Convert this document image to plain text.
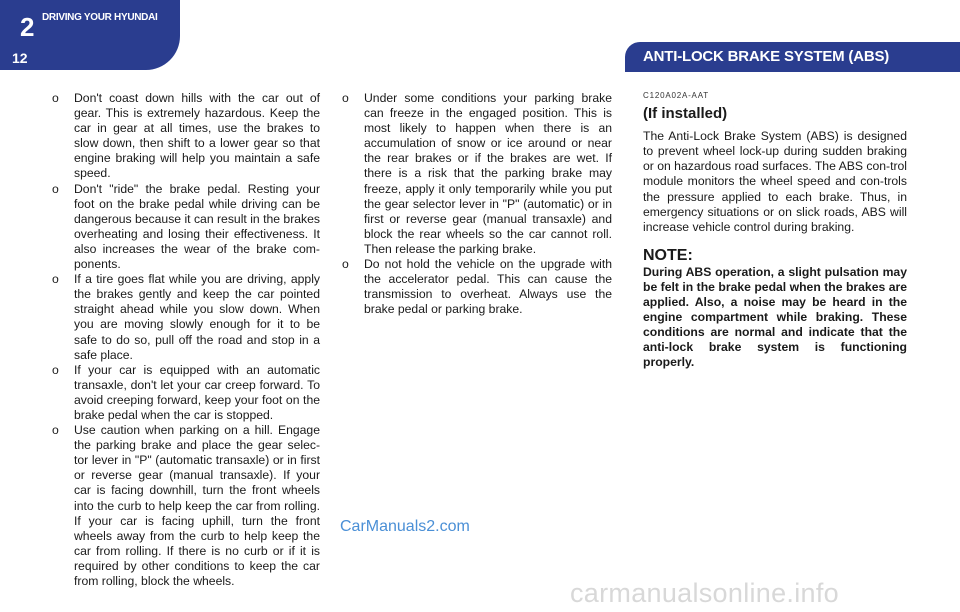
2 DRIVING YOUR HYUNDAI
12	ANTI-LOCK BRAKE SYSTEM (ABS)

o Don't coast down hills with the car out of gear. This is extremely hazardous. Keep the car in gear at all times, use the brakes to slow down, then shift to a lower gear so that engine braking will help you maintain a safe speed.

o Don't "ride" the brake pedal. Resting your foot on the brake pedal while driving can be dangerous because it can result in the brakes overheating and losing their effectiveness. It also increases the wear of the brake com-ponents.

o If a tire goes flat while you are driving, apply the brakes gently and keep the car pointed straight ahead while you slow down. When you are moving slowly enough for it to be safe to do so, pull off the road and stop in a safe place.

o If your car is equipped with an automatic transaxle, don't let your car creep forward. To avoid creeping forward, keep your foot on the brake pedal when the car is stopped.

o Use caution when parking on a hill. Engage the parking brake and place the gear selec-tor lever in "P" (automatic transaxle) or in first or reverse gear (manual transaxle). If your car is facing downhill, turn the front wheels into the curb to help keep the car from rolling. If your car is facing uphill, turn the front wheels away from the curb to help keep the car from rolling. If there is no curb or if it is required by other conditions to keep the car from rolling, block the wheels.

o Under some conditions your parking brake can freeze in the engaged position. This is most likely to happen when there is an accumulation of snow or ice around or near the rear brakes or if the brakes are wet. If there is a risk that the parking brake may freeze, apply it only temporarily while you put the gear selector lever in "P" (automatic) or in first or reverse gear (manual transaxle) and block the rear wheels so the car cannot roll. Then release the parking brake.

o Do not hold the vehicle on the upgrade with the accelerator pedal. This can cause the transmission to overheat. Always use the brake pedal or parking brake.

C120A02A-AAT
(If installed)

The Anti-Lock Brake System (ABS) is designed to prevent wheel lock-up during sudden braking or on hazardous road surfaces. The ABS con-trol module monitors the wheel speed and con-trols the pressure applied to each brake. Thus, in emergency situations or on slick roads, ABS will increase vehicle control during braking.

NOTE:
During ABS operation, a slight pulsation may be felt in the brake pedal when the brakes are applied. Also, a noise may be heard in the engine compartment while braking. These conditions are normal and indicate that the anti-lock brake system is functioning properly.
CarManuals2.com
carmanualsonline.info
